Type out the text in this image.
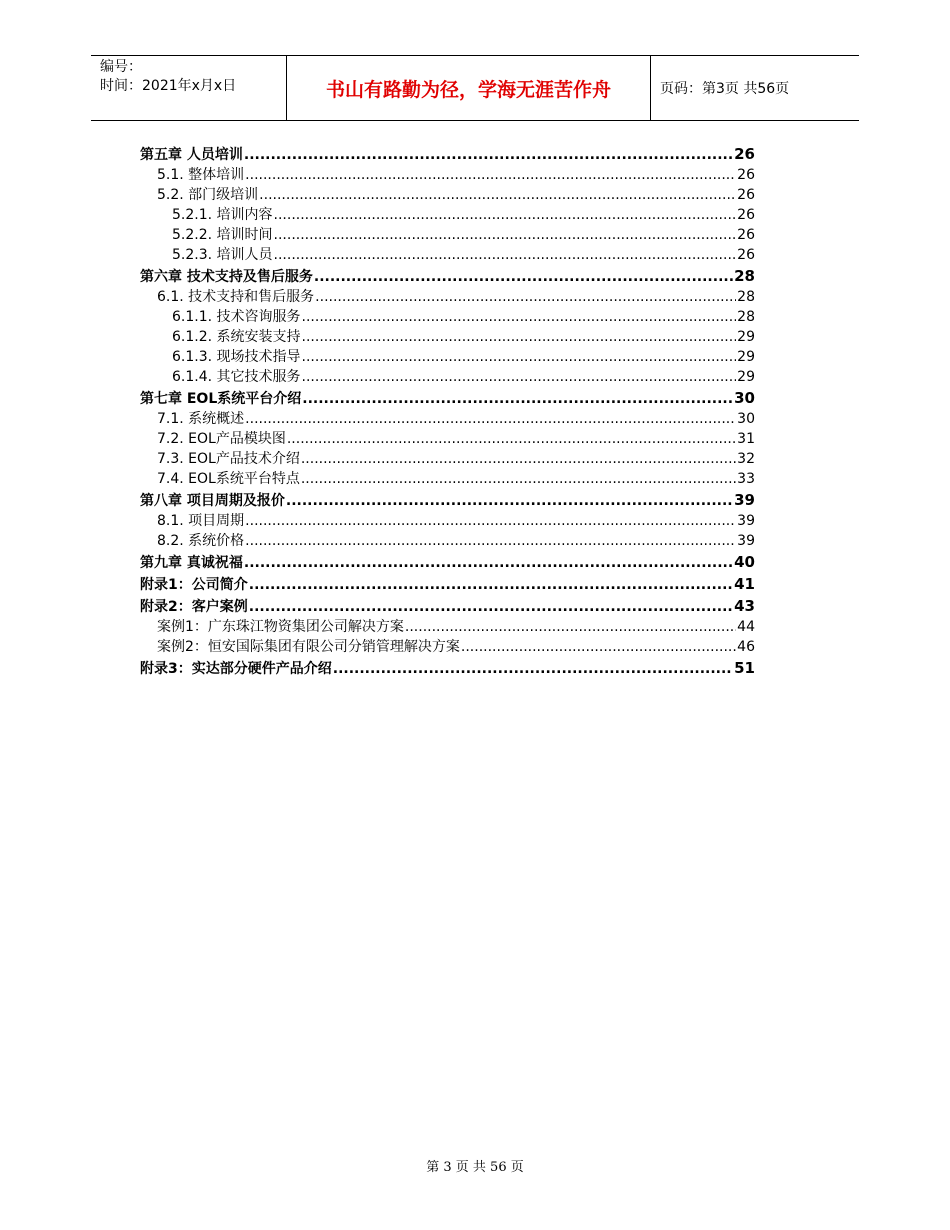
编号：
时间：2021年x月x日	书山有路勤为径，学海无涯苦作舟	页码：第3页 共56页
第五章 人员培训 .....	26
5.1. 整体培训 .....	26
5.2. 部门级培训 .....	26
5.2.1. 培训内容 .....	26
5.2.2. 培训时间 .....	26
5.2.3. 培训人员 .....	26
第六章 技术支持及售后服务 .....	28
6.1. 技术支持和售后服务 .....	28
6.1.1. 技术咨询服务 .....	28
6.1.2. 系统安装支持 .....	29
6.1.3. 现场技术指导 .....	29
6.1.4. 其它技术服务 .....	29
第七章 EOL系统平台介绍 .....	30
7.1. 系统概述 .....	30
7.2. EOL产品模块图 .....	31
7.3. EOL产品技术介绍 .....	32
7.4. EOL系统平台特点 .....	33
第八章 项目周期及报价 .....	39
8.1. 项目周期 .....	39
8.2. 系统价格 .....	39
第九章 真诚祝福 .....	40
附录1：公司简介 .....	41
附录2：客户案例 .....	43
案例1：广东珠江物资集团公司解决方案 .....	44
案例2：恒安国际集团有限公司分销管理解决方案 .....	46
附录3：实达部分硬件产品介绍 .....	51
第 3 页 共 56 页
